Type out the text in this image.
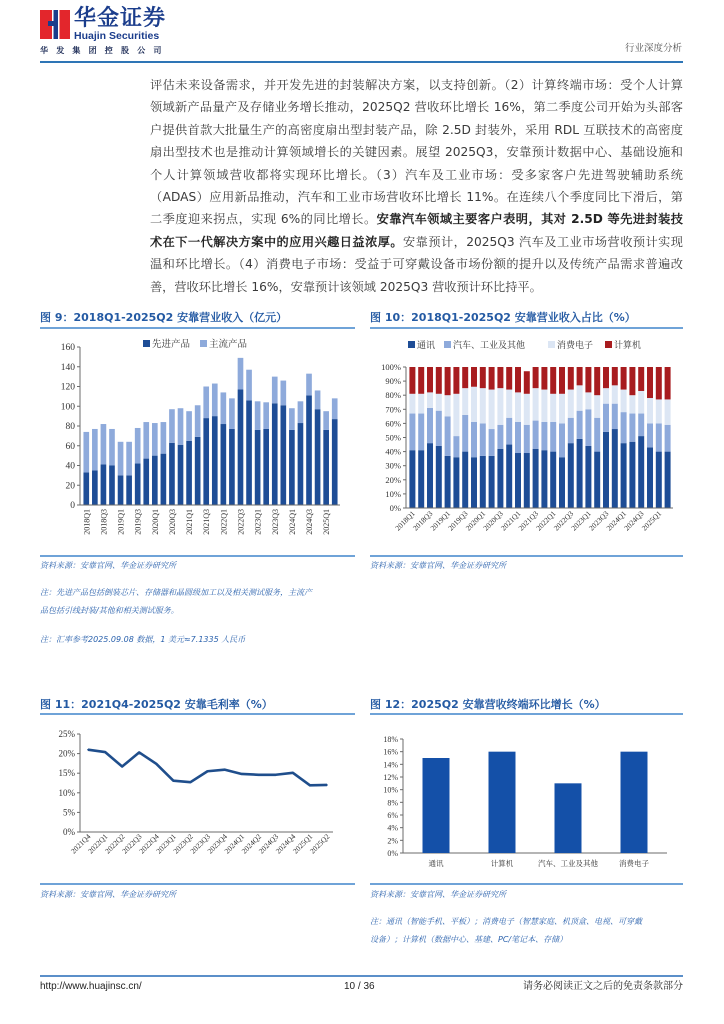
华金证券
Huajin Securities
华发集团控股公司	行业深度分析
评估未来设备需求，并开发先进的封装解决方案，以支持创新。（2）计算终端市场：受个人计算
领域新产品量产及存储业务增长推动，2025Q2 营收环比增长 16%，第二季度公司开始为头部客
户提供首款大批量生产的高密度扇出型封装产品，除 2.5D 封装外，采用 RDL 互联技术的高密度
扇出型技术也是推动计算领域增长的关键因素。展望 2025Q3，安靠预计数据中心、基础设施和
个人计算领域营收都将实现环比增长。（3）汽车及工业市场：受多家客户先进驾驶辅助系统
（ADAS）应用新品推动，汽车和工业市场营收环比增长 11%。在连续八个季度同比下滑后，第
二季度迎来拐点，实现 6%的同比增长。安靠汽车领域主要客户表明，其对 2.5D 等先进封装技
术在下一代解决方案中的应用兴趣日益浓厚。安靠预计，2025Q3 汽车及工业市场营收预计实现
温和环比增长。（4）消费电子市场：受益于可穿戴设备市场份额的提升以及传统产品需求普遍改
善，营收环比增长 16%，安靠预计该领域 2025Q3 营收预计环比持平。
图 9：2018Q1-2025Q2 安靠营业收入（亿元）
0
20
40
60
80
100
120
140
160
2018Q1 2018Q3 2019Q1 2019Q3 2020Q1 2020Q3 2021Q1 2021Q3 2022Q1 2022Q3 2023Q1 2023Q3 2024Q1 2024Q3 2025Q1
先进产品 主流产品
资料来源：安靠官网、华金证券研究所
注：先进产品包括倒装芯片、存储器和晶圆级加工以及相关测试服务，主流产
品包括引线封装/其他和相关测试服务。
注：汇率参考2025.09.08 数据，1 美元≈7.1335 人民币
图 10：2018Q1-2025Q2 安靠营业收入占比（%）
0%
10%
20%
30%
40%
50%
60%
70%
80%
90%
100%
2018Q1
2018Q3
2019Q1
2019Q3
2020Q1
2020Q3
2021Q1
2021Q3
2022Q1
2022Q3
2023Q1
2023Q3
2024Q1
2024Q3
2025Q1
通讯 汽车、工业及其他	消费电子 计算机
资料来源：安靠官网、华金证券研究所
图 11：2021Q4-2025Q2 安靠毛利率（%）
0%
5%
10%
15%
20%
25%
2021Q4
2022Q1
2022Q2
2022Q3
2022Q4
2023Q1
2023Q2
2023Q3
2023Q4
2024Q1
2024Q2
2024Q3
2024Q4
2025Q1
2025Q2
资料来源：安靠官网、华金证券研究所
图 12：2025Q2 安靠营收终端环比增长（%）
0%
2%
4%
6%
8%
10%
12%
14%
16%
18%
通讯	计算机	汽车、工业及其他	消费电子
资料来源：安靠官网、华金证券研究所
注：通讯（智能手机、平板）；消费电子（智慧家庭、机顶盒、电视、可穿戴
设备）；计算机（数据中心、基建、PC/笔记本、存储）
http://www.huajinsc.cn/	10 / 36	请务必阅读正文之后的免责条款部分
